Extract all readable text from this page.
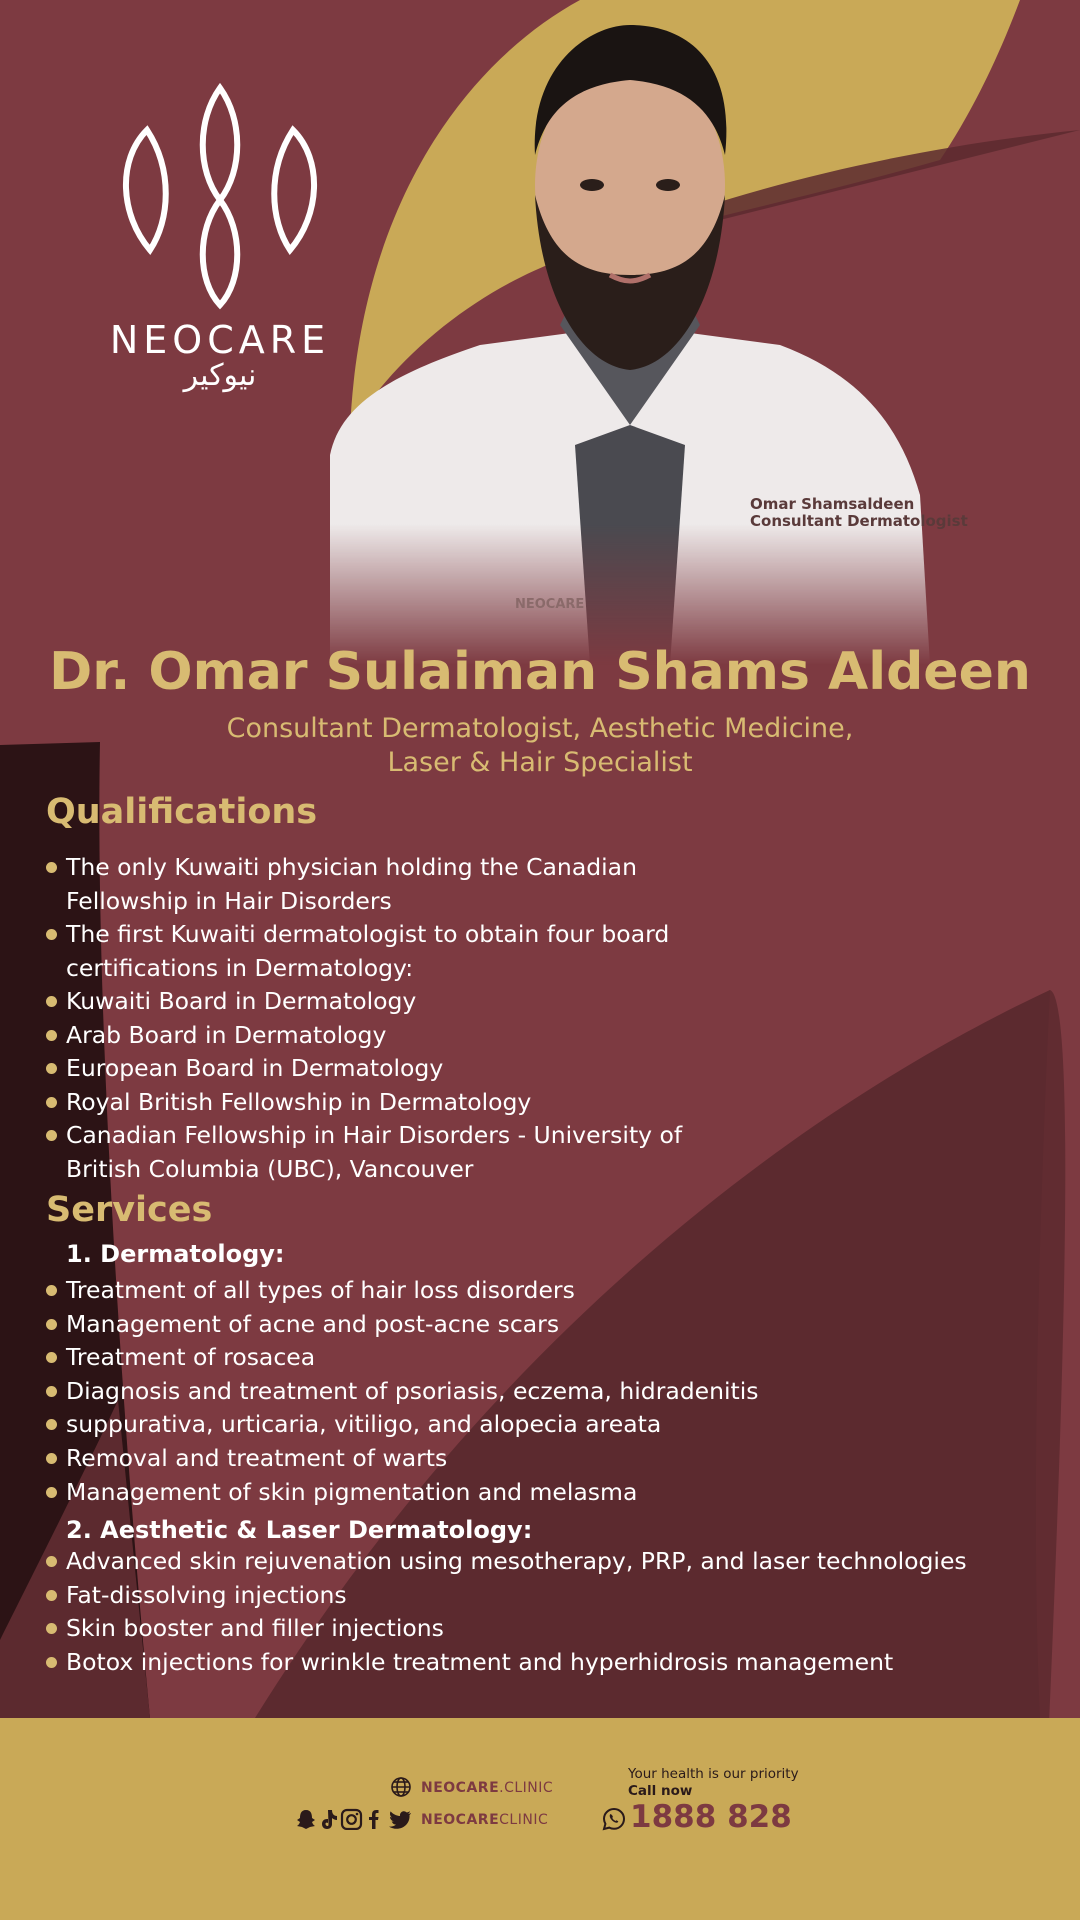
NEOCARE
نيوكير
Omar Shamsaldeen
Consultant Dermatologist
NEOCARE
Dr. Omar Sulaiman Shams Aldeen
Consultant Dermatologist, Aesthetic Medicine,
Laser & Hair Specialist
Qualifications
The only Kuwaiti physician holding the Canadian
Fellowship in Hair Disorders
The first Kuwaiti dermatologist to obtain four board
certifications in Dermatology:
Kuwaiti Board in Dermatology
Arab Board in Dermatology
European Board in Dermatology
Royal British Fellowship in Dermatology
Canadian Fellowship in Hair Disorders - University of
British Columbia (UBC), Vancouver
Services
1. Dermatology:
Treatment of all types of hair loss disorders
Management of acne and post-acne scars
Treatment of rosacea
Diagnosis and treatment of psoriasis, eczema, hidradenitis
suppurativa, urticaria, vitiligo, and alopecia areata
Removal and treatment of warts
Management of skin pigmentation and melasma
2. Aesthetic & Laser Dermatology:
Advanced skin rejuvenation using mesotherapy, PRP, and laser technologies
Fat-dissolving injections
Skin booster and filler injections
Botox injections for wrinkle treatment and hyperhidrosis management
NEOCARE.CLINIC
NEOCARECLINIC
Your health is our priority
Call now
1888 828
